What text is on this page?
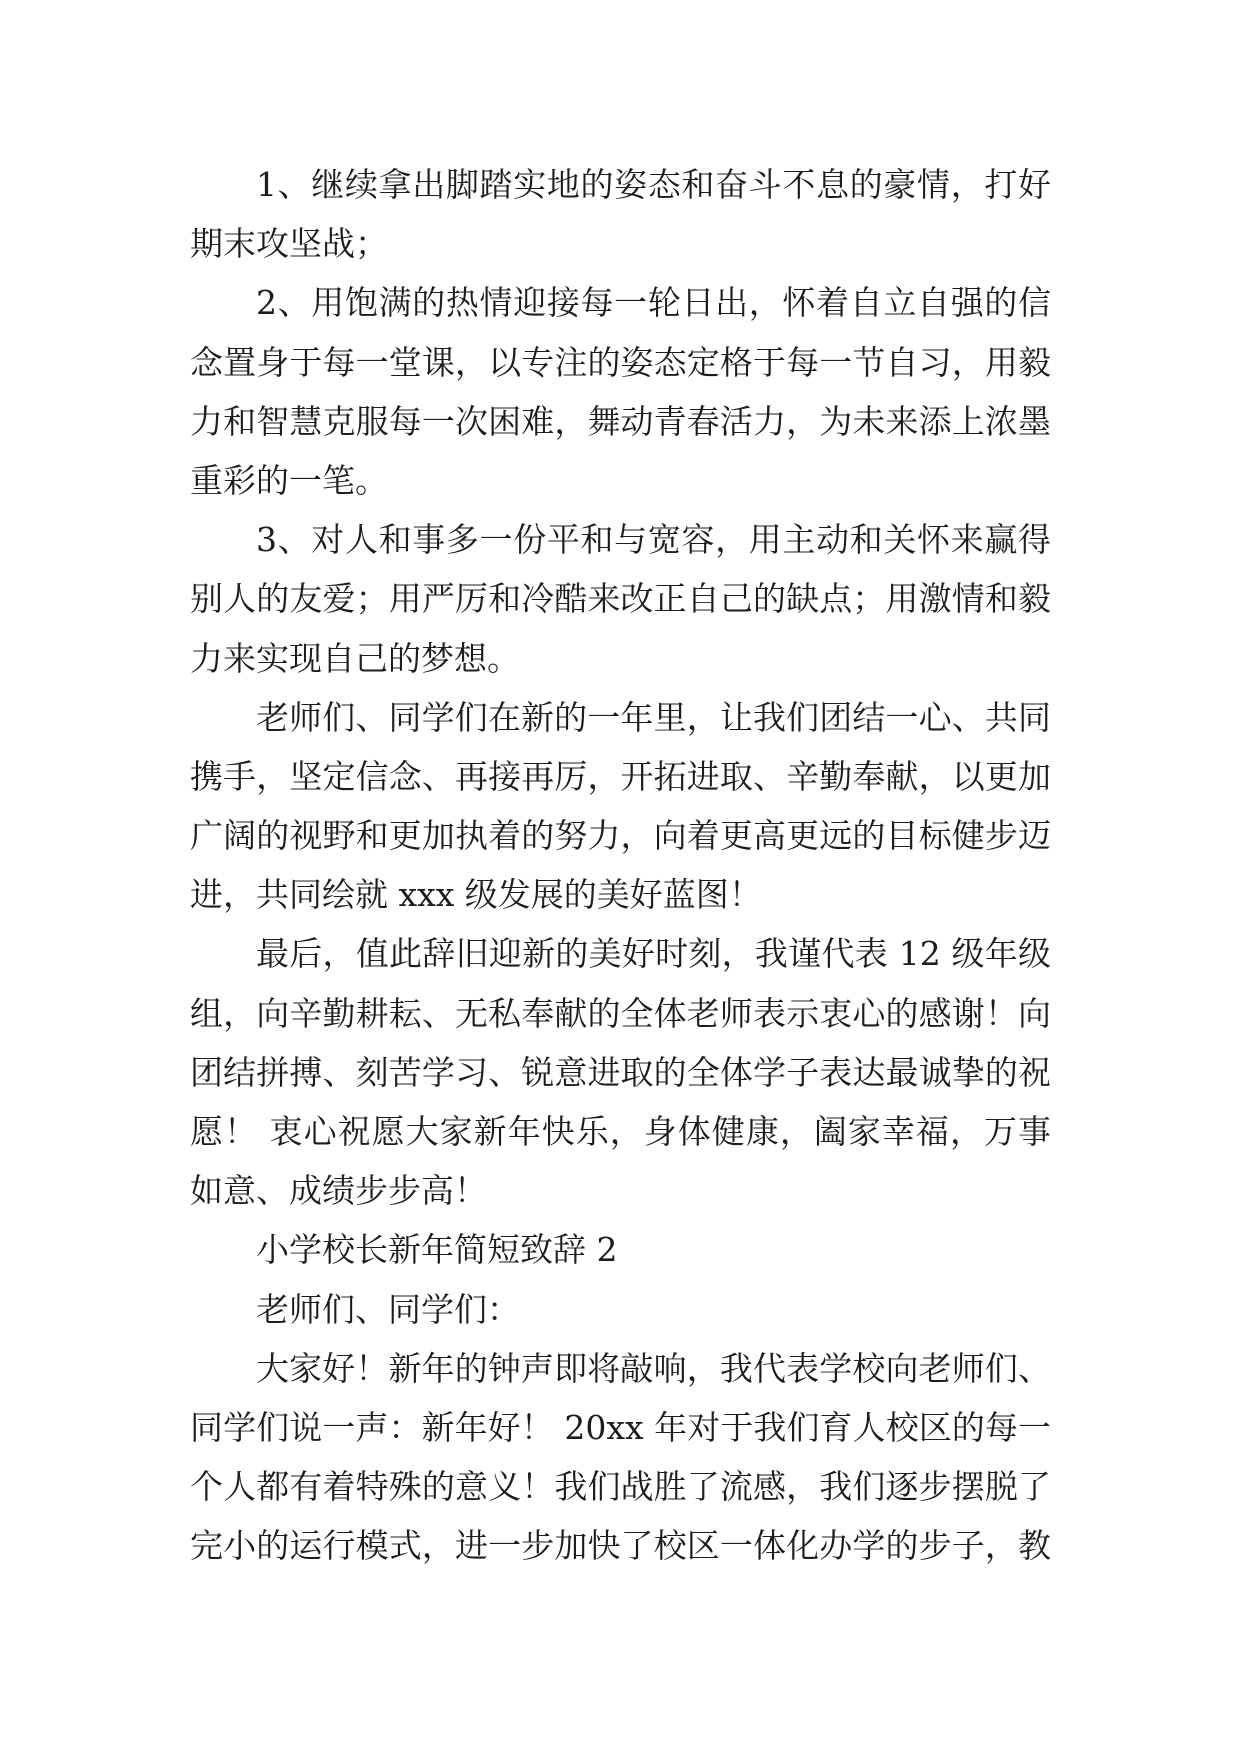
1、继续拿出脚踏实地的姿态和奋斗不息的豪情，打好
期末攻坚战；
2、用饱满的热情迎接每一轮日出，怀着自立自强的信
念置身于每一堂课，以专注的姿态定格于每一节自习，用毅
力和智慧克服每一次困难，舞动青春活力，为未来添上浓墨
重彩的一笔。
3、对人和事多一份平和与宽容，用主动和关怀来赢得
别人的友爱；用严厉和冷酷来改正自己的缺点；用激情和毅
力来实现自己的梦想。
老师们、同学们在新的一年里，让我们团结一心、共同
携手，坚定信念、再接再厉，开拓进取、辛勤奉献，以更加
广阔的视野和更加执着的努力，向着更高更远的目标健步迈
进，共同绘就 xxx 级发展的美好蓝图！
最后，值此辞旧迎新的美好时刻，我谨代表 12 级年级
组，向辛勤耕耘、无私奉献的全体老师表示衷心的感谢！向
团结拼搏、刻苦学习、锐意进取的全体学子表达最诚挚的祝
愿！ 衷心祝愿大家新年快乐，身体健康，阖家幸福，万事
如意、成绩步步高！
小学校长新年简短致辞 2
老师们、同学们：
大家好！新年的钟声即将敲响，我代表学校向老师们、
同学们说一声：新年好！ 20xx 年对于我们育人校区的每一
个人都有着特殊的意义！我们战胜了流感，我们逐步摆脱了
完小的运行模式，进一步加快了校区一体化办学的步子，教
